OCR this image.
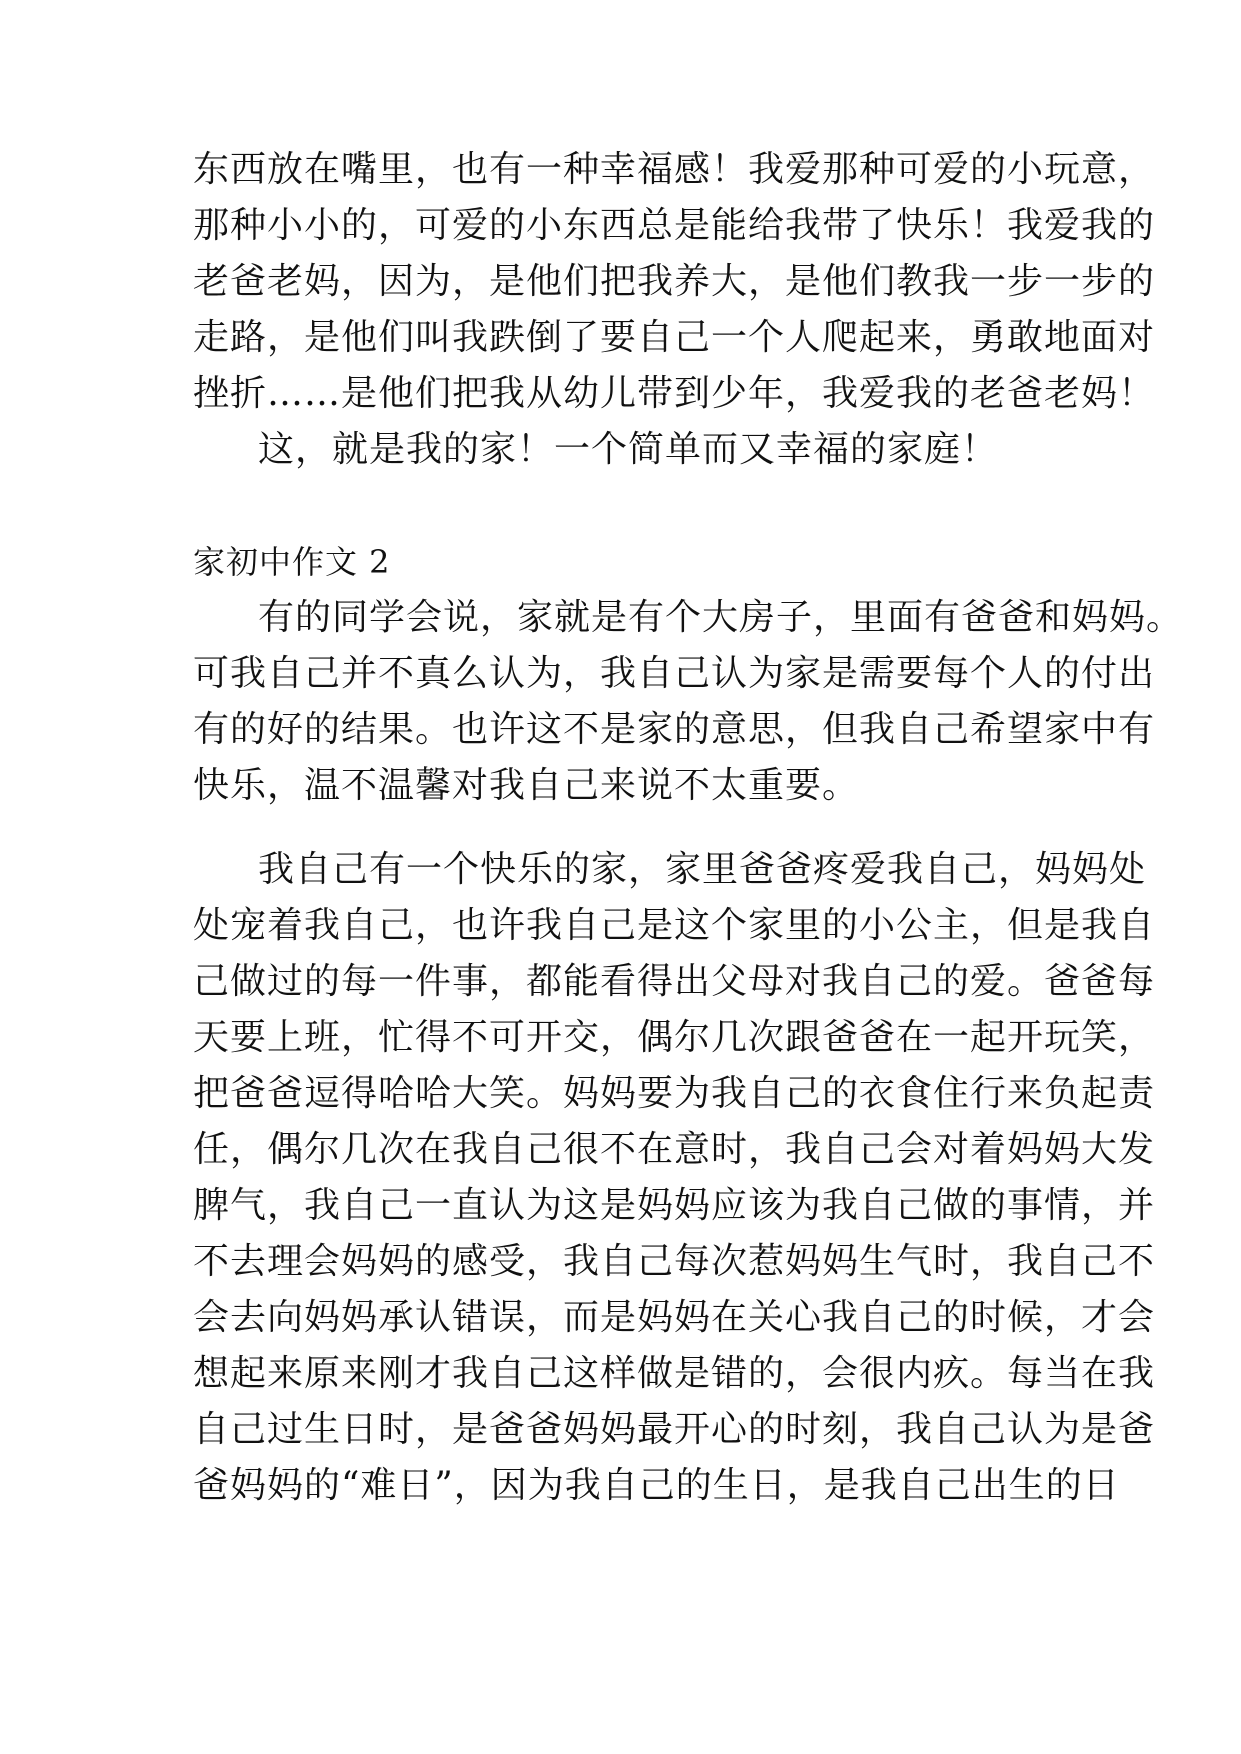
东西放在嘴里，也有一种幸福感！我爱那种可爱的小玩意，
那种小小的，可爱的小东西总是能给我带了快乐！我爱我的
老爸老妈，因为，是他们把我养大，是他们教我一步一步的
走路，是他们叫我跌倒了要自己一个人爬起来，勇敢地面对
挫折……是他们把我从幼儿带到少年，我爱我的老爸老妈！
这，就是我的家！一个简单而又幸福的家庭！
家初中作文 2
有的同学会说，家就是有个大房子，里面有爸爸和妈妈。
可我自己并不真么认为，我自己认为家是需要每个人的付出
有的好的结果。也许这不是家的意思，但我自己希望家中有
快乐，温不温馨对我自己来说不太重要。
我自己有一个快乐的家，家里爸爸疼爱我自己，妈妈处
处宠着我自己，也许我自己是这个家里的小公主，但是我自
己做过的每一件事，都能看得出父母对我自己的爱。爸爸每
天要上班，忙得不可开交，偶尔几次跟爸爸在一起开玩笑，
把爸爸逗得哈哈大笑。妈妈要为我自己的衣食住行来负起责
任，偶尔几次在我自己很不在意时，我自己会对着妈妈大发
脾气，我自己一直认为这是妈妈应该为我自己做的事情，并
不去理会妈妈的感受，我自己每次惹妈妈生气时，我自己不
会去向妈妈承认错误，而是妈妈在关心我自己的时候，才会
想起来原来刚才我自己这样做是错的，会很内疚。每当在我
自己过生日时，是爸爸妈妈最开心的时刻，我自己认为是爸
爸妈妈的“难日”，因为我自己的生日，是我自己出生的日
